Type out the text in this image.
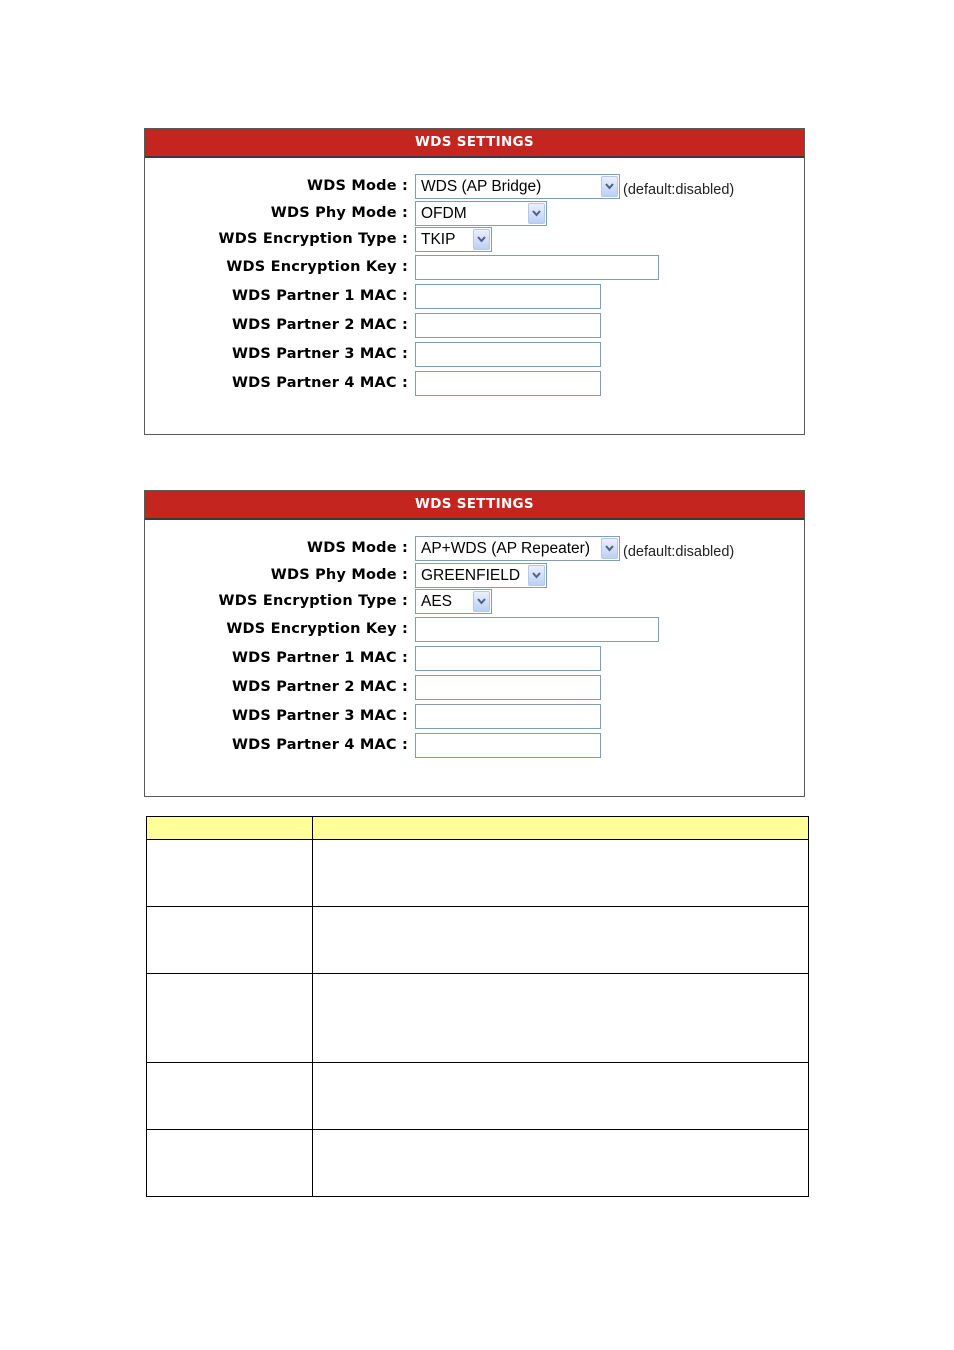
WDS SETTINGS
WDS Mode : WDS (AP Bridge)	(default:disabled)
WDS Phy Mode : OFDM
WDS Encryption Type : TKIP
WDS Encryption Key :
WDS Partner 1 MAC :
WDS Partner 2 MAC :
WDS Partner 3 MAC :
WDS Partner 4 MAC :
WDS SETTINGS
WDS Mode : AP+WDS (AP Repeater) (default:disabled)
WDS Phy Mode : GREENFIELD
WDS Encryption Type : AES
WDS Encryption Key :
WDS Partner 1 MAC :
WDS Partner 2 MAC :
WDS Partner 3 MAC :
WDS Partner 4 MAC :
